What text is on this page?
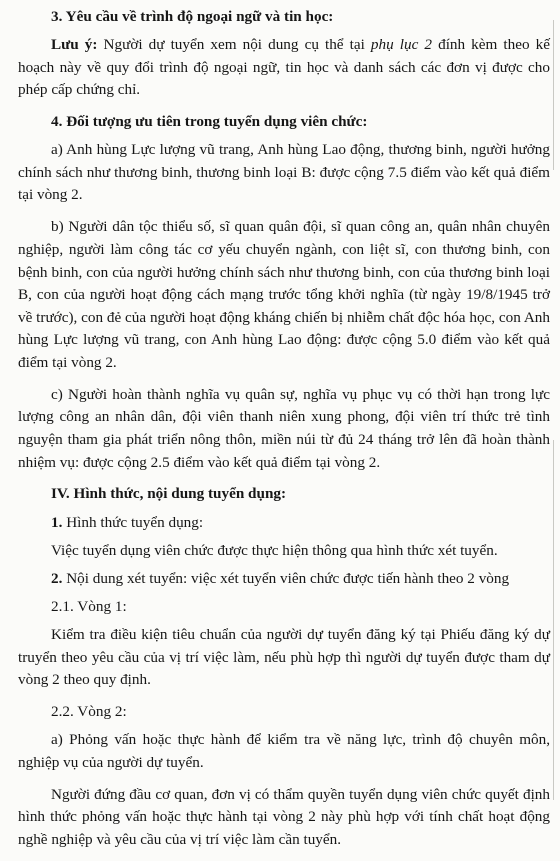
3. Yêu cầu về trình độ ngoại ngữ và tin học:

Lưu ý: Người dự tuyển xem nội dung cụ thể tại phụ lục 2 đính kèm theo kế hoạch này về quy đổi trình độ ngoại ngữ, tin học và danh sách các đơn vị được cho phép cấp chứng chỉ.

4. Đối tượng ưu tiên trong tuyển dụng viên chức:

a) Anh hùng Lực lượng vũ trang, Anh hùng Lao động, thương binh, người hưởng chính sách như thương binh, thương binh loại B: được cộng 7.5 điểm vào kết quả điểm tại vòng 2.

b) Người dân tộc thiểu số, sĩ quan quân đội, sĩ quan công an, quân nhân chuyên nghiệp, người làm công tác cơ yếu chuyển ngành, con liệt sĩ, con thương binh, con bệnh binh, con của người hưởng chính sách như thương binh, con của thương binh loại B, con của người hoạt động cách mạng trước tổng khởi nghĩa (từ ngày 19/8/1945 trở về trước), con đẻ của người hoạt động kháng chiến bị nhiễm chất độc hóa học, con Anh hùng Lực lượng vũ trang, con Anh hùng Lao động: được cộng 5.0 điểm vào kết quả điểm tại vòng 2.

c) Người hoàn thành nghĩa vụ quân sự, nghĩa vụ phục vụ có thời hạn trong lực lượng công an nhân dân, đội viên thanh niên xung phong, đội viên trí thức trẻ tình nguyện tham gia phát triển nông thôn, miền núi từ đủ 24 tháng trở lên đã hoàn thành nhiệm vụ: được cộng 2.5 điểm vào kết quả điểm tại vòng 2.

IV. Hình thức, nội dung tuyển dụng:

1. Hình thức tuyển dụng:

Việc tuyển dụng viên chức được thực hiện thông qua hình thức xét tuyển.

2. Nội dung xét tuyển: việc xét tuyển viên chức được tiến hành theo 2 vòng

2.1. Vòng 1:

Kiểm tra điều kiện tiêu chuẩn của người dự tuyển đăng ký tại Phiếu đăng ký dự truyển theo yêu cầu của vị trí việc làm, nếu phù hợp thì người dự tuyển được tham dự vòng 2 theo quy định.

2.2. Vòng 2:

a) Phỏng vấn hoặc thực hành để kiểm tra về năng lực, trình độ chuyên môn, nghiệp vụ của người dự tuyển.

Người đứng đầu cơ quan, đơn vị có thẩm quyền tuyển dụng viên chức quyết định hình thức phỏng vấn hoặc thực hành tại vòng 2 này phù hợp với tính chất hoạt động nghề nghiệp và yêu cầu của vị trí việc làm cần tuyển.
